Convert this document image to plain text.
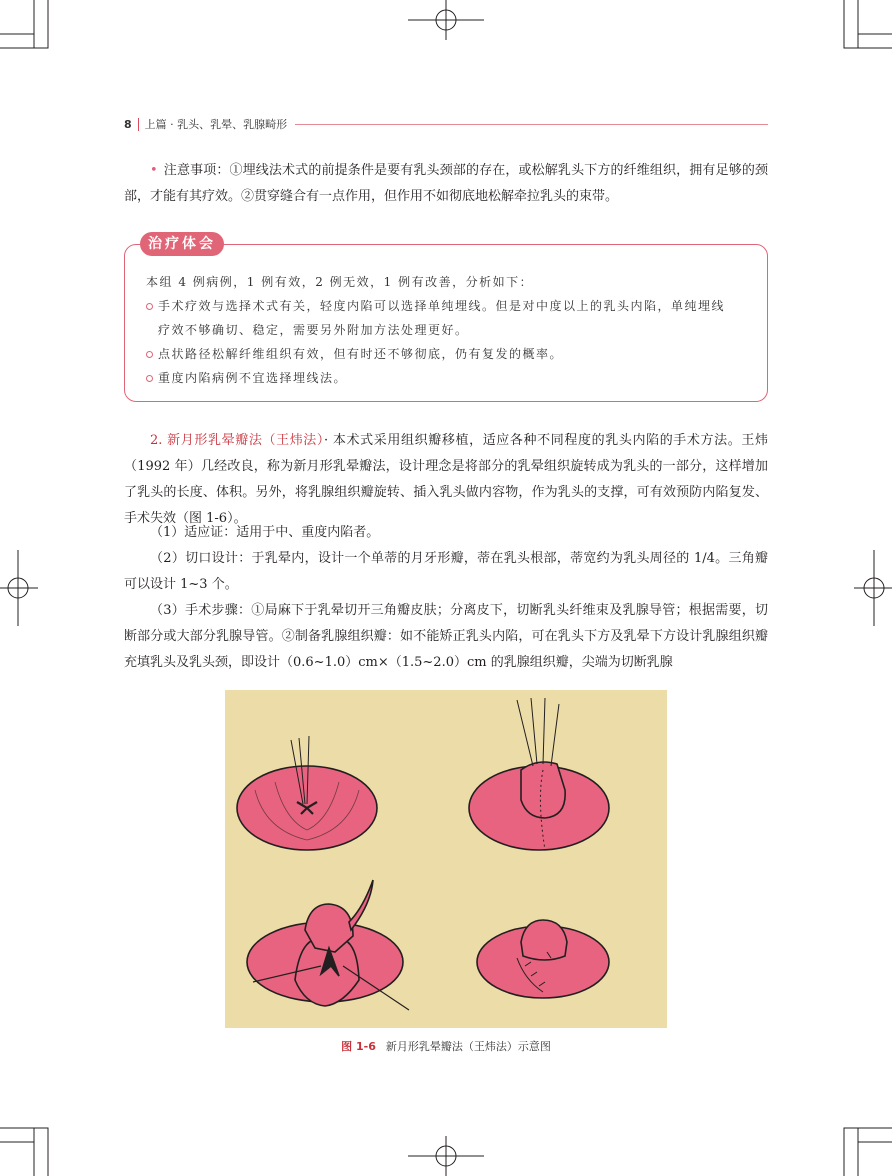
8 上篇 · 乳头、乳晕、乳腺畸形
• 注意事项：①埋线法术式的前提条件是要有乳头颈部的存在，或松解乳头下方的纤维组织，拥有足够的颈部，才能有其疗效。②贯穿缝合有一点作用，但作用不如彻底地松解牵拉乳头的束带。
治疗体会
本组 4 例病例，1 例有效，2 例无效，1 例有改善，分析如下：
手术疗效与选择术式有关，轻度内陷可以选择单纯埋线。但是对中度以上的乳头内陷，单纯埋线
疗效不够确切、稳定，需要另外附加方法处理更好。
点状路径松解纤维组织有效，但有时还不够彻底，仍有复发的概率。
重度内陷病例不宜选择埋线法。
2. 新月形乳晕瓣法（王炜法）· 本术式采用组织瓣移植，适应各种不同程度的乳头内陷的手术方法。王炜（1992 年）几经改良，称为新月形乳晕瓣法，设计理念是将部分的乳晕组织旋转成为乳头的一部分，这样增加了乳头的长度、体积。另外，将乳腺组织瓣旋转、插入乳头做内容物，作为乳头的支撑，可有效预防内陷复发、手术失效（图 1-6）。
（1）适应证：适用于中、重度内陷者。
（2）切口设计：于乳晕内，设计一个单蒂的月牙形瓣，蒂在乳头根部，蒂宽约为乳头周径的 1/4。三角瓣可以设计 1~3 个。
（3）手术步骤：①局麻下于乳晕切开三角瓣皮肤；分离皮下，切断乳头纤维束及乳腺导管；根据需要，切断部分或大部分乳腺导管。②制备乳腺组织瓣：如不能矫正乳头内陷，可在乳头下方及乳晕下方设计乳腺组织瓣充填乳头及乳头颈，即设计（0.6~1.0）cm×（1.5~2.0）cm 的乳腺组织瓣，尖端为切断乳腺
图 1-6 新月形乳晕瓣法（王炜法）示意图
